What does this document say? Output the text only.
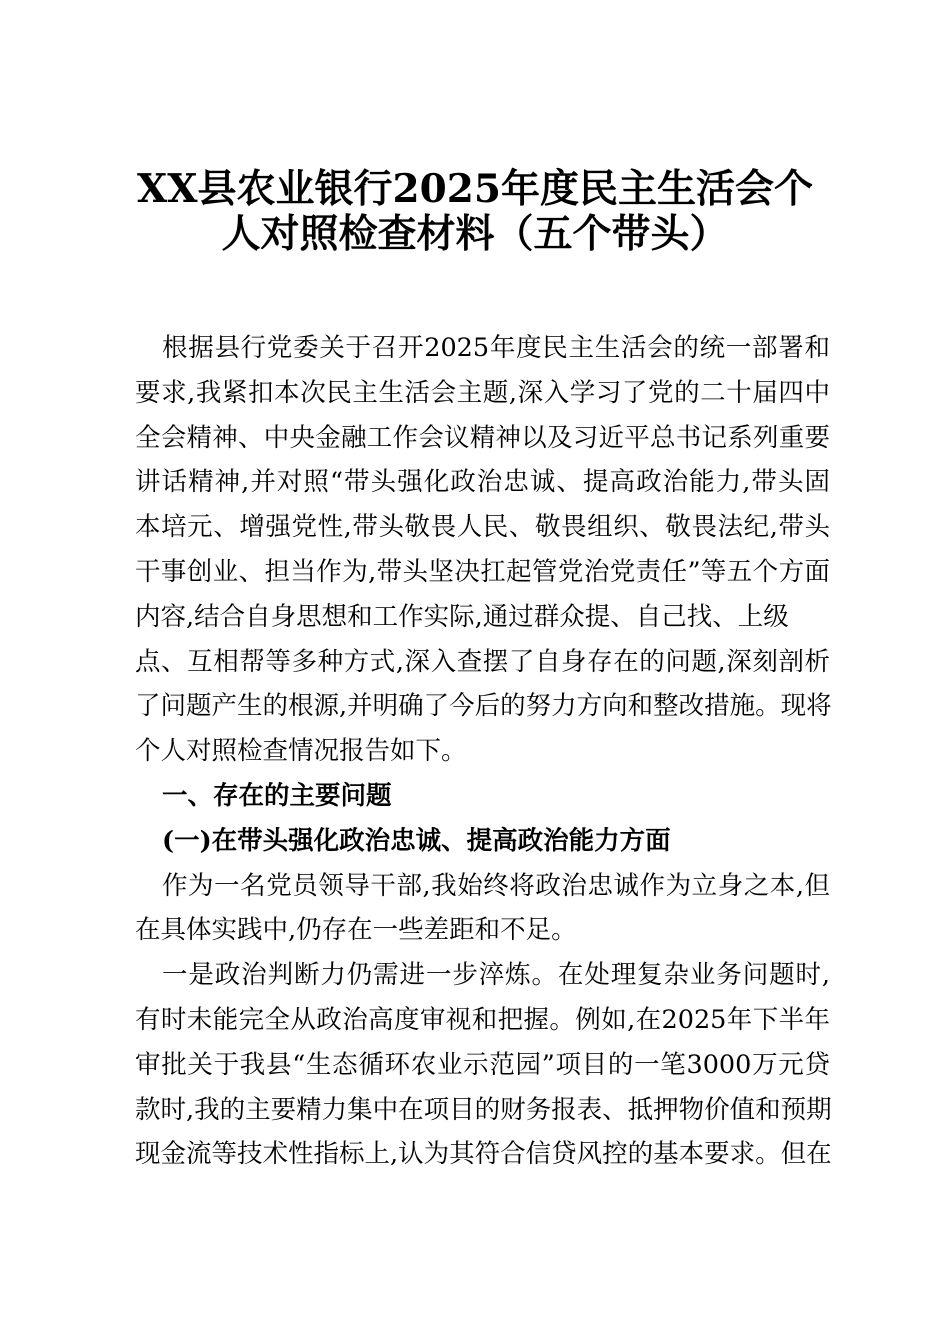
XX县农业银行2025年度民主生活会个
人对照检查材料（五个带头）
根据县行党委关于召开2025年度民主生活会的统一部署和
要求,我紧扣本次民主生活会主题,深入学习了党的二十届四中
全会精神、中央金融工作会议精神以及习近平总书记系列重要
讲话精神,并对照“带头强化政治忠诚、提高政治能力,带头固
本培元、增强党性,带头敬畏人民、敬畏组织、敬畏法纪,带头
干事创业、担当作为,带头坚决扛起管党治党责任”等五个方面
内容,结合自身思想和工作实际,通过群众提、自己找、上级
点、互相帮等多种方式,深入查摆了自身存在的问题,深刻剖析
了问题产生的根源,并明确了今后的努力方向和整改措施。现将
个人对照检查情况报告如下。
一、存在的主要问题
(一)在带头强化政治忠诚、提高政治能力方面
作为一名党员领导干部,我始终将政治忠诚作为立身之本,但
在具体实践中,仍存在一些差距和不足。
一是政治判断力仍需进一步淬炼。在处理复杂业务问题时,
有时未能完全从政治高度审视和把握。例如,在2025年下半年
审批关于我县“生态循环农业示范园”项目的一笔3000万元贷
款时,我的主要精力集中在项目的财务报表、抵押物价值和预期
现金流等技术性指标上,认为其符合信贷风控的基本要求。但在
